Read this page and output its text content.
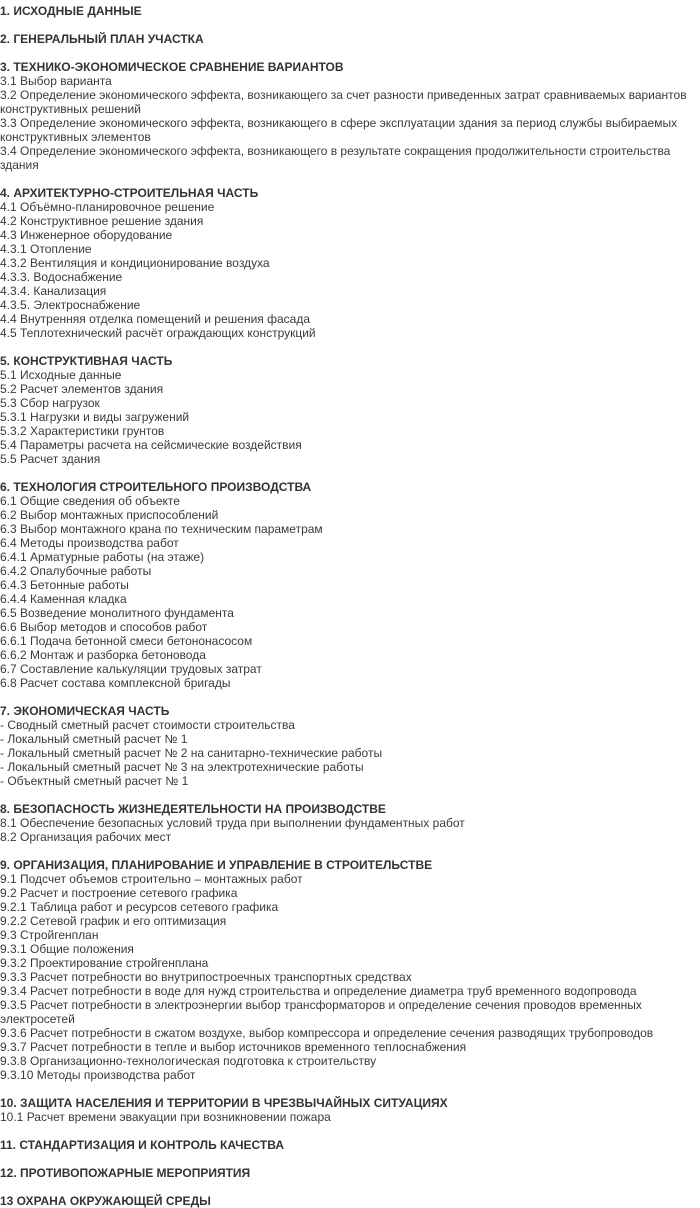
1. ИСХОДНЫЕ ДАННЫЕ
2. ГЕНЕРАЛЬНЫЙ ПЛАН УЧАСТКА
3. ТЕХНИКО-ЭКОНОМИЧЕСКОЕ СРАВНЕНИЕ ВАРИАНТОВ
3.1 Выбор варианта
3.2 Определение экономического эффекта, возникающего за счет разности приведенных затрат сравниваемых вариантов конструктивных решений
3.3 Определение экономического эффекта, возникающего в сфере эксплуатации здания за период службы выбираемых конструктивных элементов
3.4 Определение экономического эффекта, возникающего в результате сокращения продолжительности строительства здания
4. АРХИТЕКТУРНО-СТРОИТЕЛЬНАЯ ЧАСТЬ
4.1 Объёмно-планировочное решение
4.2 Конструктивное решение здания
4.3 Инженерное оборудование
4.3.1 Отопление
4.3.2 Вентиляция и кондиционирование воздуха
4.3.3. Водоснабжение
4.3.4. Канализация
4.3.5. Электроснабжение
4.4 Внутренняя отделка помещений и решения фасада
4.5 Теплотехнический расчёт ограждающих конструкций
5. КОНСТРУКТИВНАЯ ЧАСТЬ
5.1 Исходные данные
5.2 Расчет элементов здания
5.3 Сбор нагрузок
5.3.1 Нагрузки и виды загружений
5.3.2 Характеристики грунтов
5.4 Параметры расчета на сейсмические воздействия
5.5 Расчет здания
6. ТЕХНОЛОГИЯ СТРОИТЕЛЬНОГО ПРОИЗВОДСТВА
6.1 Общие сведения об объекте
6.2 Выбор монтажных приспособлений
6.3 Выбор монтажного крана по техническим параметрам
6.4 Методы производства работ
6.4.1 Арматурные работы (на этаже)
6.4.2 Опалубочные работы
6.4.3 Бетонные работы
6.4.4 Каменная кладка
6.5 Возведение монолитного фундамента
6.6 Выбор методов и способов работ
6.6.1 Подача бетонной смеси бетононасосом
6.6.2 Монтаж и разборка бетоновода
6.7 Составление калькуляции трудовых затрат
6.8 Расчет состава комплексной бригады
7. ЭКОНОМИЧЕСКАЯ ЧАСТЬ
- Сводный сметный расчет стоимости строительства
- Локальный сметный расчет № 1
- Локальный сметный расчет № 2 на санитарно-технические работы
- Локальный сметный расчет № 3 на электротехнические работы
- Объектный сметный расчет № 1
8. БЕЗОПАСНОСТЬ ЖИЗНЕДЕЯТЕЛЬНОСТИ НА ПРОИЗВОДСТВЕ
8.1 Обеспечение безопасных условий труда при выполнении фундаментных работ
8.2 Организация рабочих мест
9. ОРГАНИЗАЦИЯ, ПЛАНИРОВАНИЕ И УПРАВЛЕНИЕ В СТРОИТЕЛЬСТВЕ
9.1 Подсчет объемов строительно – монтажных работ
9.2 Расчет и построение сетевого графика
9.2.1 Таблица работ и ресурсов сетевого графика
9.2.2 Сетевой график и его оптимизация
9.3 Стройгенплан
9.3.1 Общие положения
9.3.2 Проектирование стройгенплана
9.3.3 Расчет потребности во внутрипостроечных транспортных средствах
9.3.4 Расчет потребности в воде для нужд строительства и определение диаметра труб временного водопровода
9.3.5 Расчет потребности в электроэнергии выбор трансформаторов и определение сечения проводов временных электросетей
9.3.6 Расчет потребности в сжатом воздухе, выбор компрессора и определение сечения разводящих трубопроводов
9.3.7 Расчет потребности в тепле и выбор источников временного теплоснабжения
9.3.8 Организационно-технологическая подготовка к строительству
9.3.10 Методы производства работ
10. ЗАЩИТА НАСЕЛЕНИЯ И ТЕРРИТОРИИ В ЧРЕЗВЫЧАЙНЫХ СИТУАЦИЯХ
10.1 Расчет времени эвакуации при возникновении пожара
11. СТАНДАРТИЗАЦИЯ И КОНТРОЛЬ КАЧЕСТВА
12. ПРОТИВОПОЖАРНЫЕ МЕРОПРИЯТИЯ
13 ОХРАНА ОКРУЖАЮЩЕЙ СРЕДЫ
